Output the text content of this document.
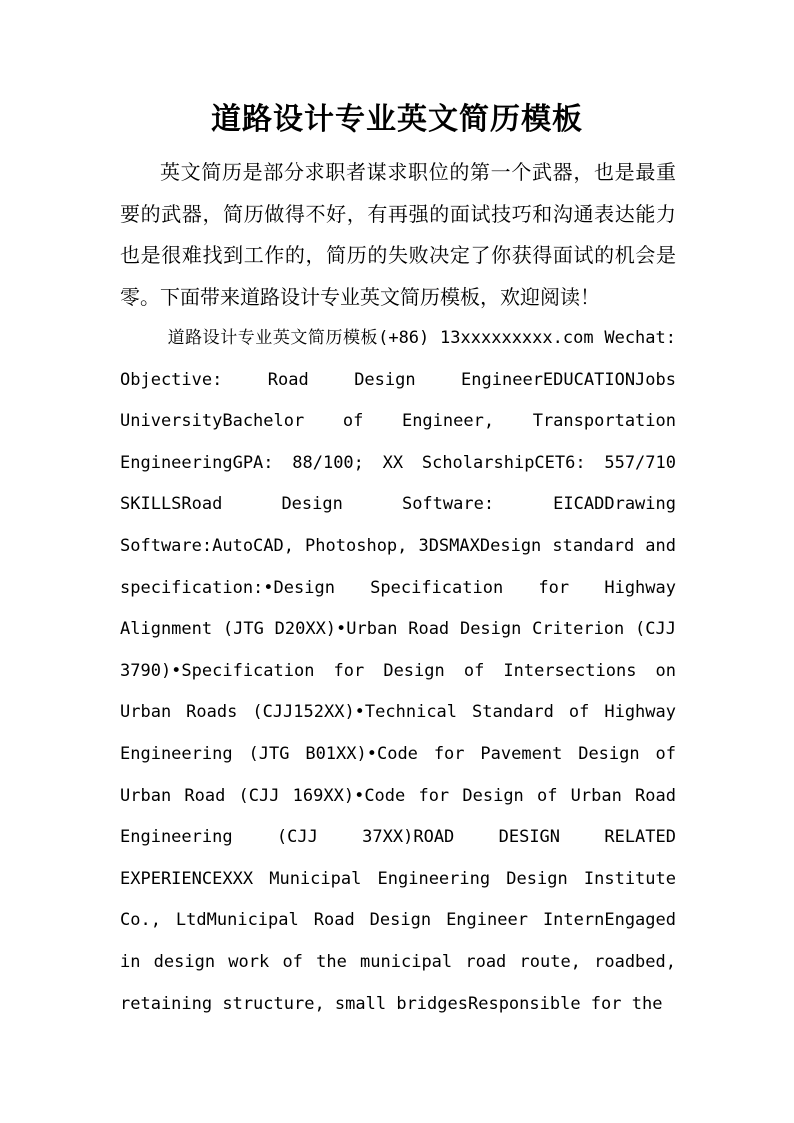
道路设计专业英文简历模板

英文简历是部分求职者谋求职位的第一个武器，也是最重要的武器，简历做得不好，有再强的面试技巧和沟通表达能力也是很难找到工作的，简历的失败决定了你获得面试的机会是零。下面带来道路设计专业英文简历模板，欢迎阅读！

道路设计专业英文简历模板(+86) 13xxxxxxxxx.com Wechat: Objective: Road Design EngineerEDUCATIONJobs UniversityBachelor of Engineer, Transportation EngineeringGPA: 88/100; XX ScholarshipCET6: 557/710 SKILLSRoad Design Software: EICADDrawing Software:AutoCAD, Photoshop, 3DSMAXDesign standard and specification:•Design Specification for Highway Alignment (JTG D20XX)•Urban Road Design Criterion (CJJ 3790)•Specification for Design of Intersections on Urban Roads (CJJ152XX)•Technical Standard of Highway Engineering (JTG B01XX)•Code for Pavement Design of Urban Road (CJJ 169XX)•Code for Design of Urban Road Engineering (CJJ 37XX)ROAD DESIGN RELATED EXPERIENCEXXX Municipal Engineering Design Institute Co., LtdMunicipal Road Design Engineer InternEngaged in design work of the municipal road route, roadbed, retaining structure, small bridgesResponsible for the
